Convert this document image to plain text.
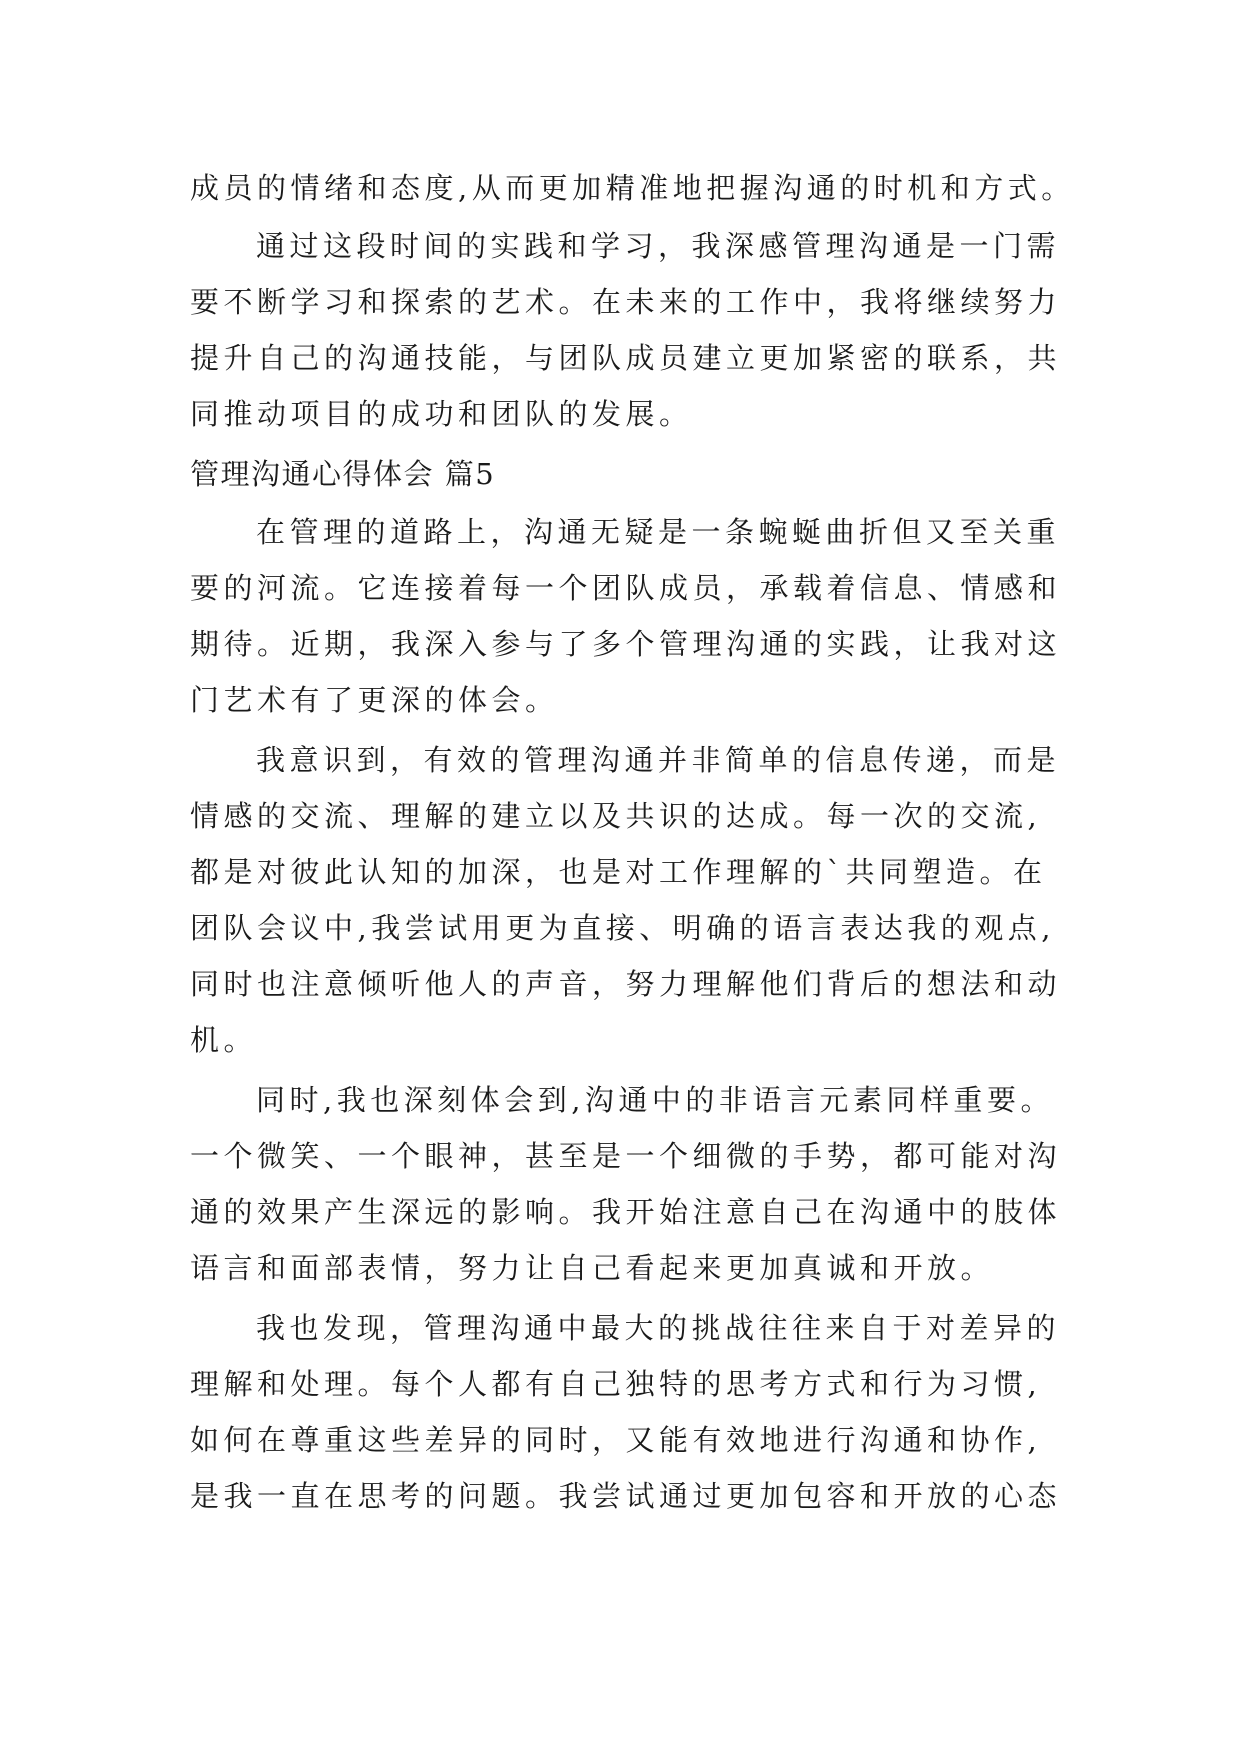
成员的情绪和态度,从而更加精准地把握沟通的时机和方式。
通过这段时间的实践和学习，我深感管理沟通是一门需
要不断学习和探索的艺术。在未来的工作中，我将继续努力
提升自己的沟通技能，与团队成员建立更加紧密的联系，共
同推动项目的成功和团队的发展。
管理沟通心得体会 篇5
在管理的道路上，沟通无疑是一条蜿蜒曲折但又至关重
要的河流。它连接着每一个团队成员，承载着信息、情感和
期待。近期，我深入参与了多个管理沟通的实践，让我对这
门艺术有了更深的体会。
我意识到，有效的管理沟通并非简单的信息传递，而是
情感的交流、理解的建立以及共识的达成。每一次的交流,
都是对彼此认知的加深，也是对工作理解的`共同塑造。在
团队会议中,我尝试用更为直接、明确的语言表达我的观点,
同时也注意倾听他人的声音，努力理解他们背后的想法和动
机。
同时,我也深刻体会到,沟通中的非语言元素同样重要。
一个微笑、一个眼神，甚至是一个细微的手势，都可能对沟
通的效果产生深远的影响。我开始注意自己在沟通中的肢体
语言和面部表情，努力让自己看起来更加真诚和开放。
我也发现，管理沟通中最大的挑战往往来自于对差异的
理解和处理。每个人都有自己独特的思考方式和行为习惯,
如何在尊重这些差异的同时，又能有效地进行沟通和协作,
是我一直在思考的问题。我尝试通过更加包容和开放的心态
